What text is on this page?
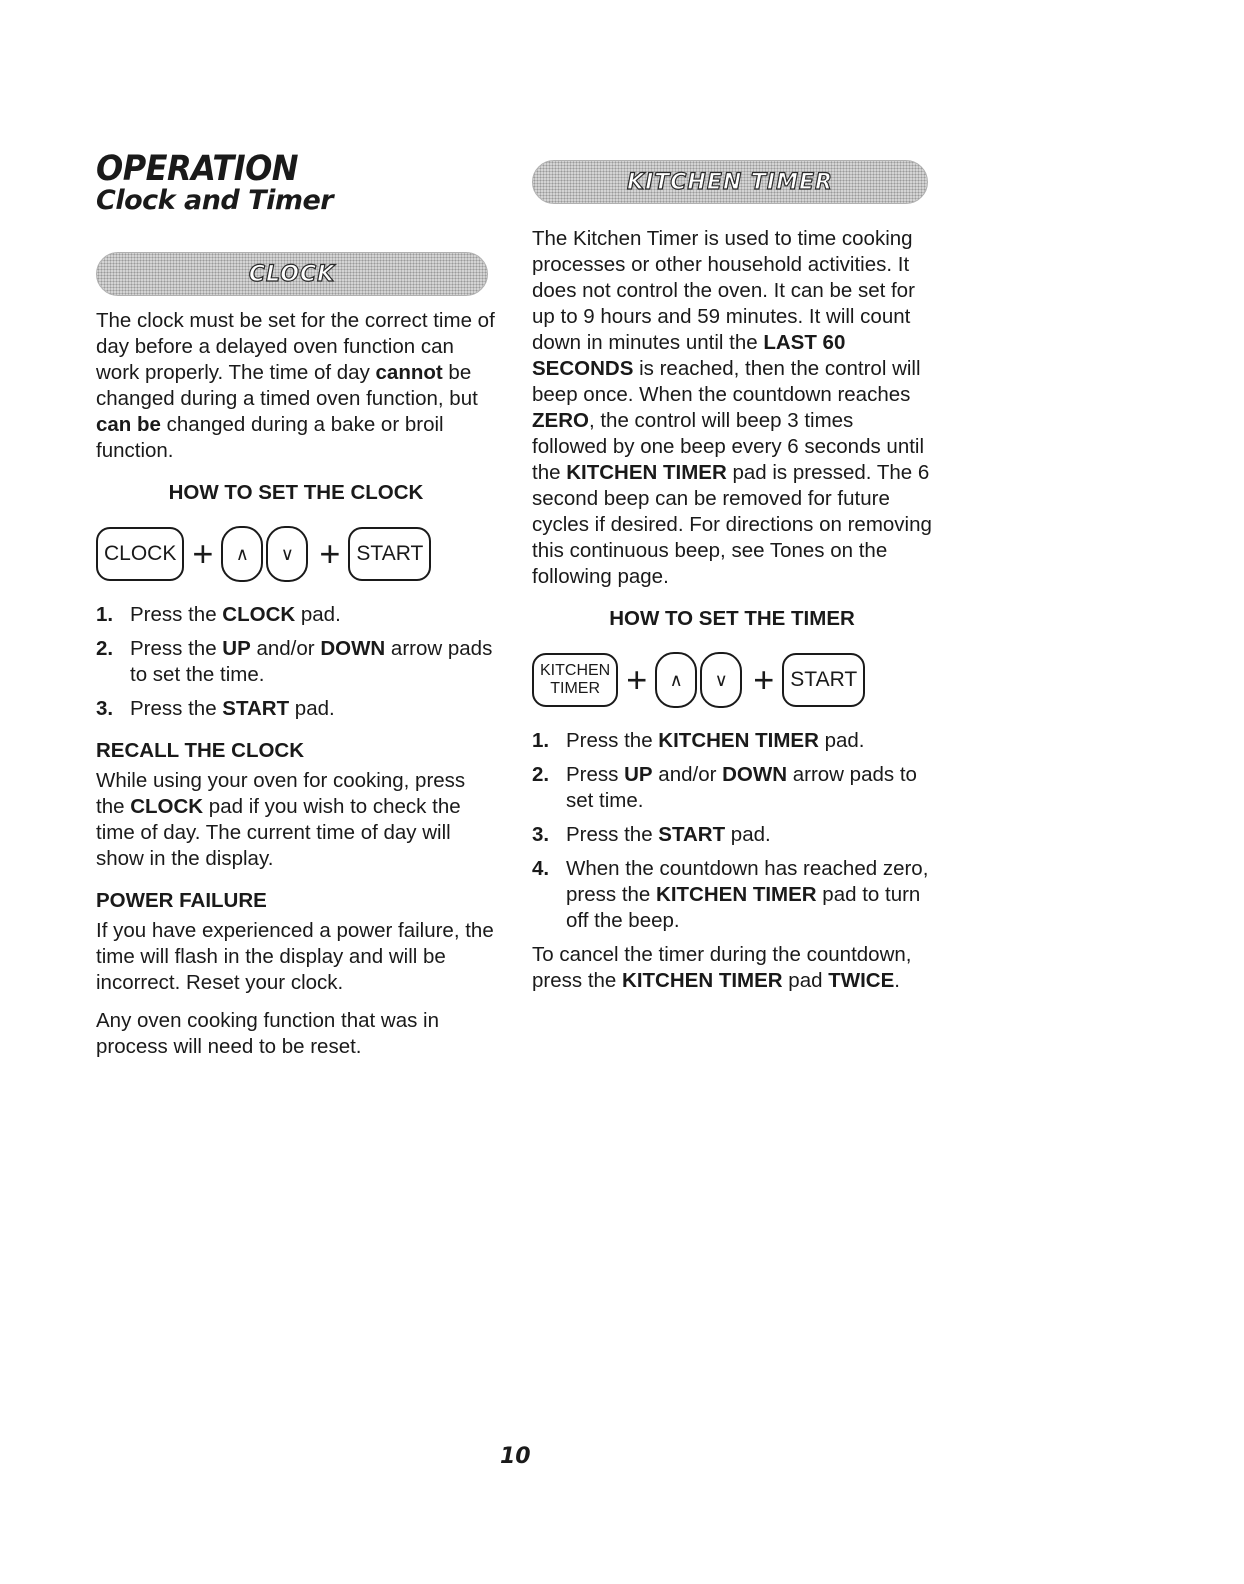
OPERATION
Clock and Timer
CLOCK

The clock must be set for the correct time of day before a delayed oven function can work properly. The time of day cannot be changed during a timed oven function, but can be changed during a bake or broil function.

HOW TO SET THE CLOCK
CLOCK +	∧	∨ + START
1. Press the CLOCK pad.
2. Press the UP and/or DOWN arrow pads to set the time.
3. Press the START pad.
RECALL THE CLOCK

While using your oven for cooking, press the CLOCK pad if you wish to check the time of day. The current time of day will show in the display.

POWER FAILURE

If you have experienced a power failure, the time will flash in the display and will be incorrect. Reset your clock.

Any oven cooking function that was in process will need to be reset.

KITCHEN TIMER

The Kitchen Timer is used to time cooking processes or other household activities. It does not control the oven. It can be set for up to 9 hours and 59 minutes. It will count down in minutes until the LAST 60 SECONDS is reached, then the control will beep once. When the countdown reaches ZERO, the control will beep 3 times followed by one beep every 6 seconds until the KITCHEN TIMER pad is pressed. The 6 second beep can be removed for future cycles if desired. For directions on removing this continuous beep, see Tones on the following page.

HOW TO SET THE TIMER
KITCHEN
TIMER +	∧	∨ + START
1. Press the KITCHEN TIMER pad.
2. Press UP and/or DOWN arrow pads to set time.
3. Press the START pad.
4. When the countdown has reached zero, press the KITCHEN TIMER pad to turn off the beep.

To cancel the timer during the countdown, press the KITCHEN TIMER pad TWICE.

10
